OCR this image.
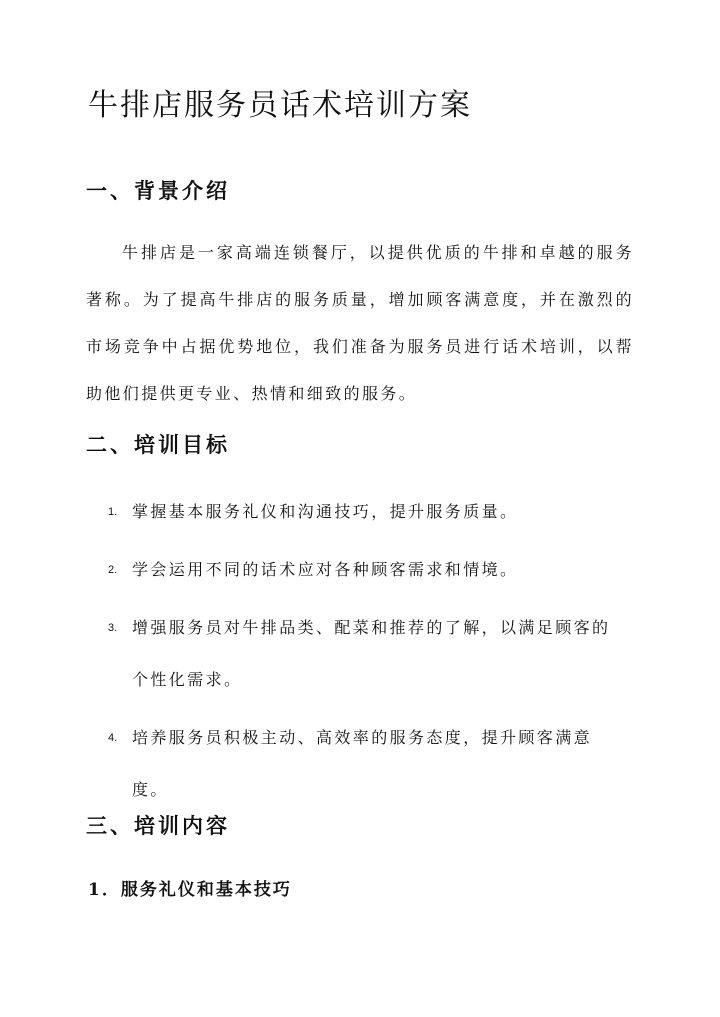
牛排店服务员话术培训方案
一、背景介绍

牛排店是一家高端连锁餐厅，以提供优质的牛排和卓越的服务著称。为了提高牛排店的服务质量，增加顾客满意度，并在激烈的市场竞争中占据优势地位，我们准备为服务员进行话术培训，以帮助他们提供更专业、热情和细致的服务。

二、培训目标
1. 掌握基本服务礼仪和沟通技巧，提升服务质量。
2. 学会运用不同的话术应对各种顾客需求和情境。
3. 增强服务员对牛排品类、配菜和推荐的了解，以满足顾客的个性化需求。
4. 培养服务员积极主动、高效率的服务态度，提升顾客满意度。
三、培训内容
1．服务礼仪和基本技巧
